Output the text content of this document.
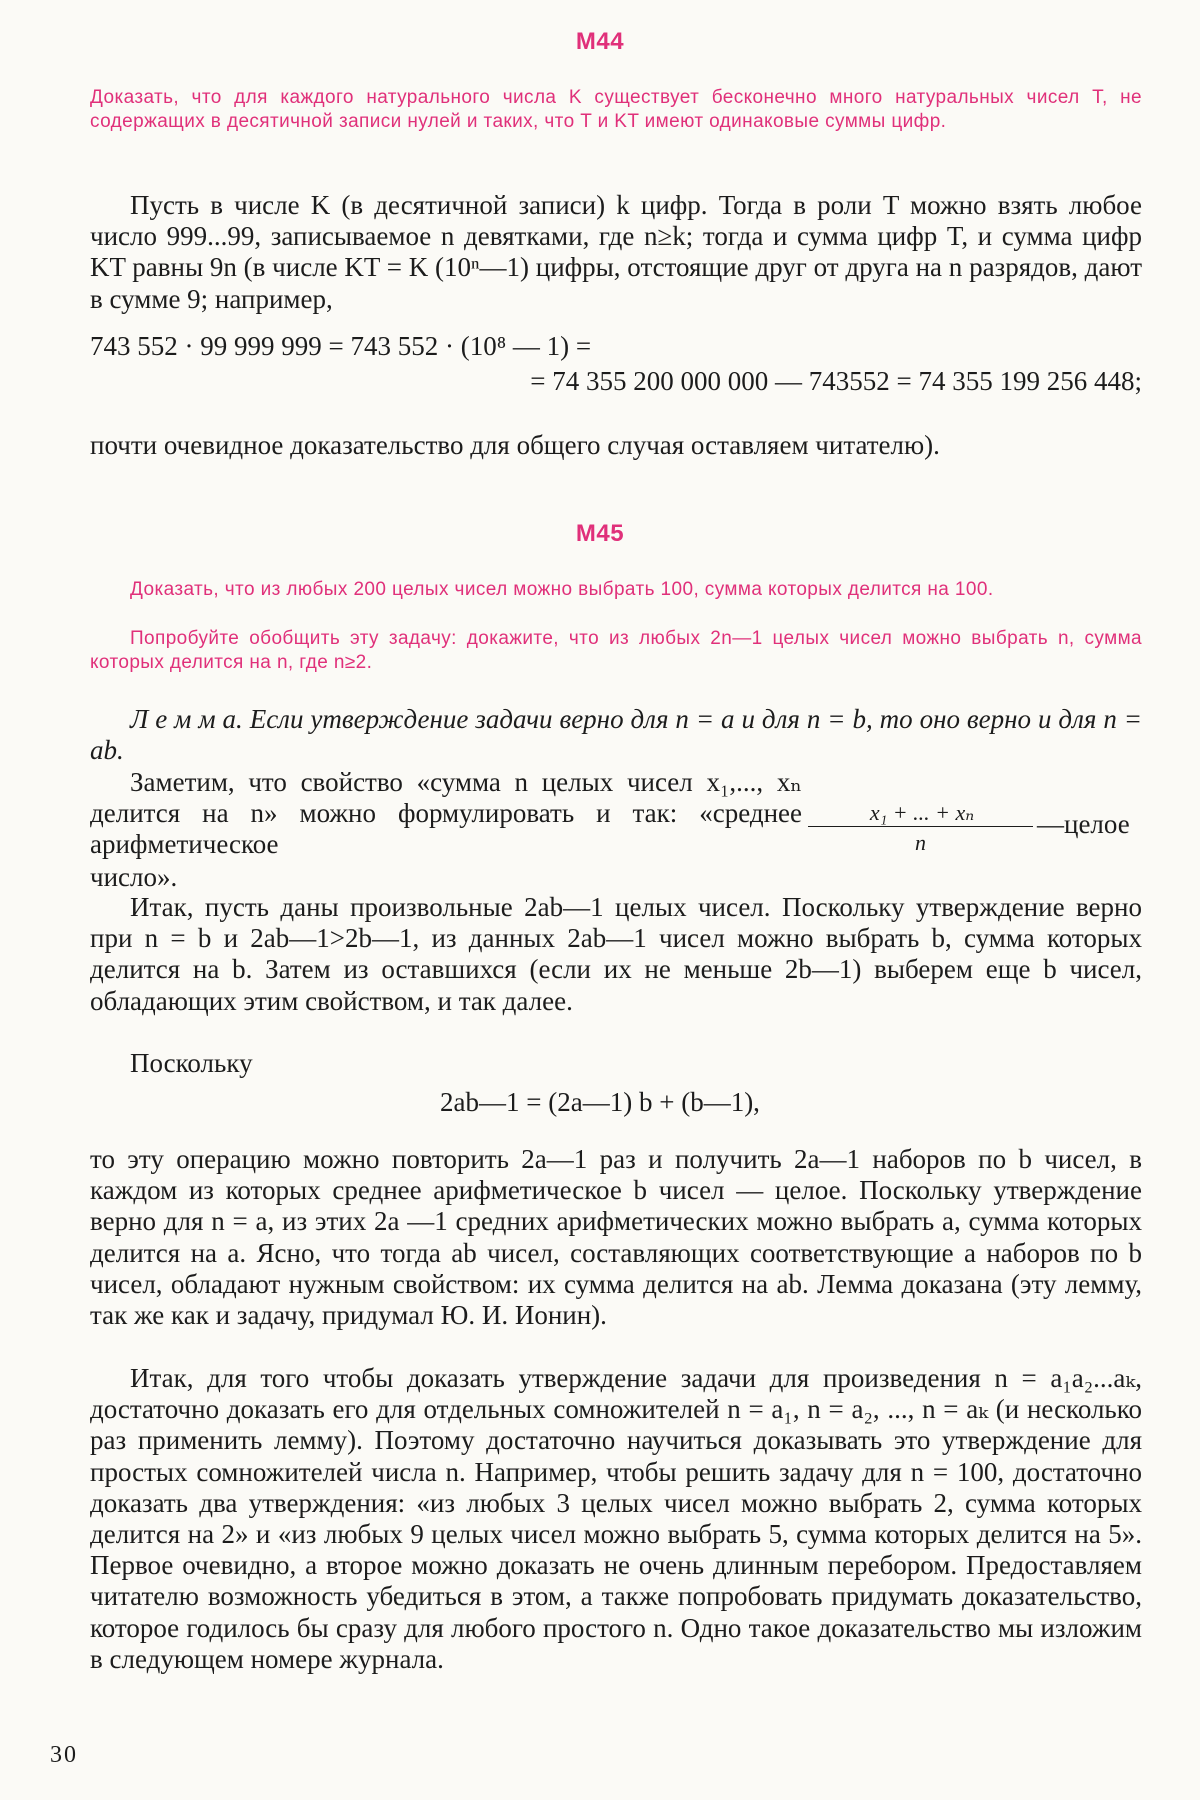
M44
Доказать, что для каждого натурального числа K существует бесконечно много натуральных чисел T, не содержащих в десятичной записи нулей и таких, что T и KT имеют одинаковые суммы цифр.
Пусть в числе K (в десятичной записи) k цифр. Тогда в роли T можно взять любое число 999...99, записываемое n девятками, где n≥k; тогда и сумма цифр T, и сумма цифр KT равны 9n (в числе KT = K (10ⁿ—1) цифры, отстоящие друг от друга на n разрядов, дают в сумме 9; например,
743 552 · 99 999 999 = 743 552 · (10⁸ — 1) =
= 74 355 200 000 000 — 743552 = 74 355 199 256 448;
почти очевидное доказательство для общего случая оставляем читателю).
M45
Доказать, что из любых 200 целых чисел можно выбрать 100, сумма которых делится на 100.
Попробуйте обобщить эту задачу: докажите, что из любых 2n—1 целых чисел можно выбрать n, сумма которых делится на n, где n≥2.
Л е м м а. Если утверждение задачи верно для n = a и для n = b, то оно верно и для n = ab.
Заметим, что свойство «сумма n целых чисел x₁,..., xₙ делится на n» можно формулировать и так: «среднее арифметическое
x₁ + ... + xₙ
n
—целое
число».
Итак, пусть даны произвольные 2ab—1 целых чисел. Поскольку утверждение верно при n = b и 2ab—1>2b—1, из данных 2ab—1 чисел можно выбрать b, сумма которых делится на b. Затем из оставшихся (если их не меньше 2b—1) выберем еще b чисел, обладающих этим свойством, и так далее.
Поскольку
2ab—1 = (2a—1) b + (b—1),
то эту операцию можно повторить 2a—1 раз и получить 2a—1 наборов по b чисел, в каждом из которых среднее арифметическое b чисел — целое. Поскольку утверждение верно для n = a, из этих 2a —1 средних арифметических можно выбрать a, сумма которых делится на a. Ясно, что тогда ab чисел, составляющих соответствующие a наборов по b чисел, обладают нужным свойством: их сумма делится на ab. Лемма доказана (эту лемму, так же как и задачу, придумал Ю. И. Ионин).
Итак, для того чтобы доказать утверждение задачи для произведения n = a₁a₂...aₖ, достаточно доказать его для отдельных сомножителей n = a₁, n = a₂, ..., n = aₖ (и несколько раз применить лемму). Поэтому достаточно научиться доказывать это утверждение для простых сомножителей числа n. Например, чтобы решить задачу для n = 100, достаточно доказать два утверждения: «из любых 3 целых чисел можно выбрать 2, сумма которых делится на 2» и «из любых 9 целых чисел можно выбрать 5, сумма которых делится на 5». Первое очевидно, а второе можно доказать не очень длинным перебором. Предоставляем читателю возможность убедиться в этом, а также попробовать придумать доказательство, которое годилось бы сразу для любого простого n. Одно такое доказательство мы изложим в следующем номере журнала.
30
